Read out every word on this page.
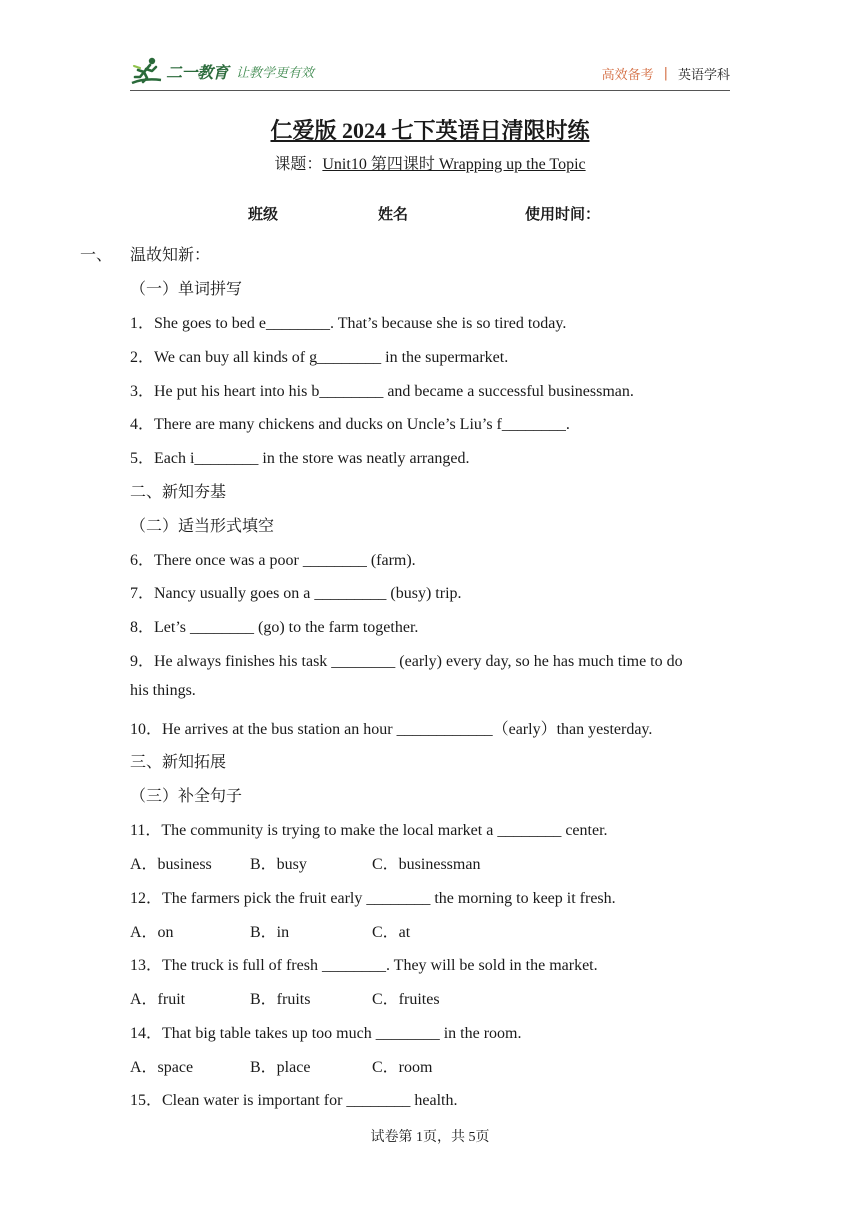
二一教育 让教学更有效	高效备考 | 英语学科
仁爱版 2024 七下英语日清限时练
课题：Unit10 第四课时 Wrapping up the Topic
班级	姓名	使用时间：
一、 温故知新：
（一）单词拼写
1．She goes to bed e________. That’s because she is so tired today.
2．We can buy all kinds of g________ in the supermarket.
3．He put his heart into his b________ and became a successful businessman.
4．There are many chickens and ducks on Uncle’s Liu’s f________.
5．Each i________ in the store was neatly arranged.
二、新知夯基
（二）适当形式填空
6．There once was a poor ________ (farm).
7．Nancy usually goes on a _________ (busy) trip.
8．Let’s ________ (go) to the farm together.
9．He always finishes his task ________ (early) every day, so he has much time to do
his things.
10．He arrives at the bus station an hour ____________（early）than yesterday.
三、新知拓展
（三）补全句子
11．The community is trying to make the local market a ________ center.
A．business B．busy	C．businessman
12．The farmers pick the fruit early ________ the morning to keep it fresh.
A．on	B．in	C．at
13．The truck is full of fresh ________. They will be sold in the market.
A．fruit	B．fruits	C．fruites
14．That big table takes up too much ________ in the room.
A．space	B．place	C．room
15．Clean water is important for ________ health.
试卷第 1页，共 5页
